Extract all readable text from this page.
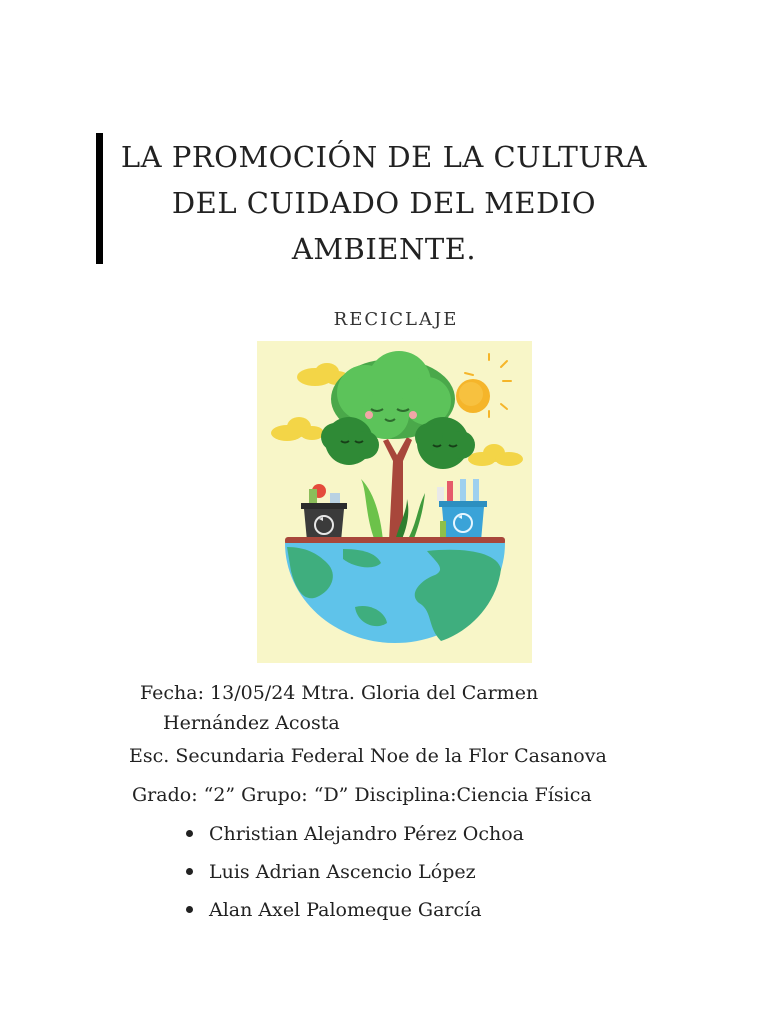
LA PROMOCIÓN DE LA CULTURA
DEL CUIDADO DEL MEDIO
AMBIENTE.
RECICLAJE
Fecha: 13/05/24 Mtra. Gloria del Carmen
Hernández Acosta
Esc. Secundaria Federal Noe de la Flor Casanova
Grado: “2” Grupo: “D” Disciplina:Ciencia Física
Christian Alejandro Pérez Ochoa
Luis Adrian Ascencio López
Alan Axel Palomeque García
